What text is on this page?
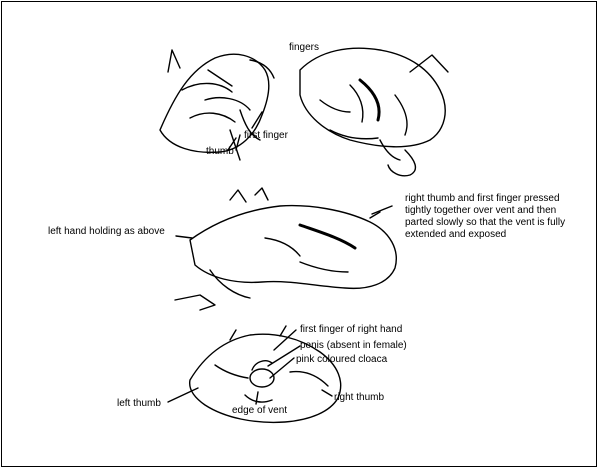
fingers
first finger
thumb
right thumb and first finger pressed tightly together over vent and then parted slowly so that the vent is fully extended and exposed
left hand holding as above
first finger of right hand
penis (absent in female)
pink coloured cloaca
left thumb
right thumb
edge of vent
